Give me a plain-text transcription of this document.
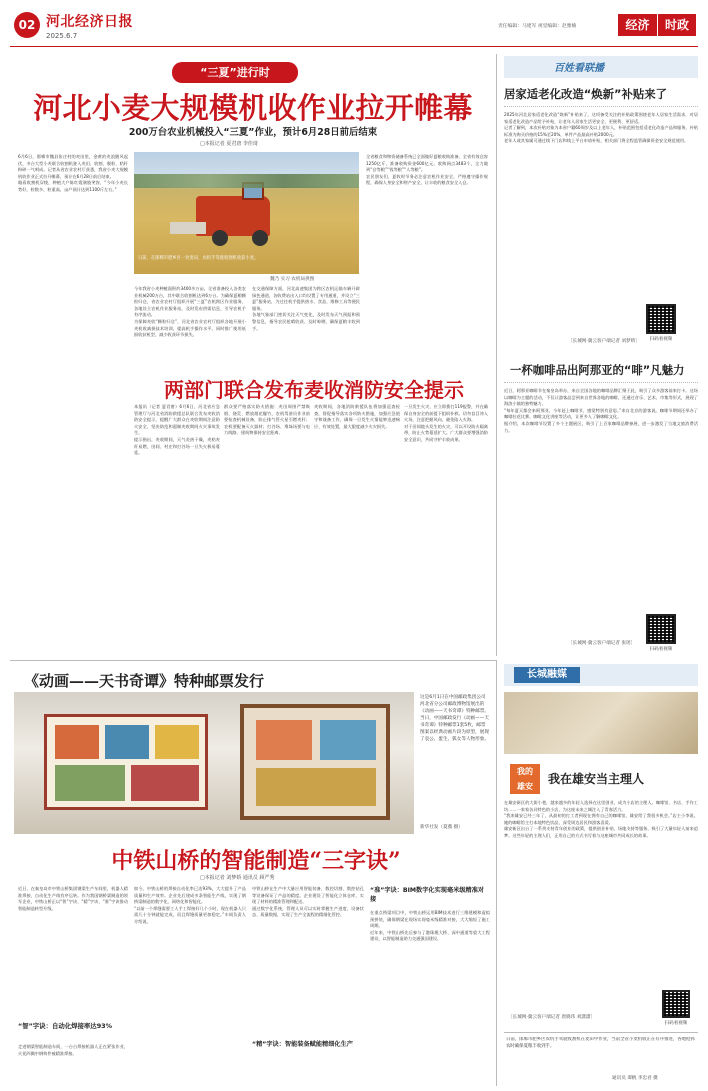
02 河北经济日报
2025.6.7
责任编辑：马建军 视觉编辑：赵雅楠	经济	时政
“三夏”进行时
河北小麦大规模机收作业拉开帷幕
200万台农业机械投入“三夏”作业，预计6月28日前后结束
□本报记者 夏君唐 李佳琦
6月6日，邯郸市魏县张庄村的麦田里，金黄的麦浪随风起伏，多台大型小麦联合收割机驶入麦田，收割、脱粒、秸秆粉碎一气呵成。记者从省农业农村厅获悉，我省小麦大规模机收作业正式拉开帷幕，预计在6月28日前后结束。
眼看收割机穿梭，种植大户陈红霞满脸笑容，“今年小麦长势好，粒数多、粒重高，亩产预计达到1100斤左右。”
日前，在邯郸市肥乡区一处麦田，农机手驾驶收割机收获小麦。
魏乃 实习 农机局供图
全省粮食和物资储备系统已全面做好夏粮收购准备，全省有效仓容1250亿斤，准备收购资金600亿元，收购网点3483个，全力做到“仓等粮”“钱等粮”“人等粮”。
农民朋友们，夏收时节务必注意农机作业安全，严格遵守操作规程，确保人身安全和财产安全，让丰收的粮食安全入仓。
今年我省小麦种植面积约3400多万亩，全省准备投入各类农业机械200万台，其中联合收割机达到6万台。为确保夏粮颗粒归仓，省农业农村厅组织开展“三夏”农机跨区作业服务，各地设立农机作业服务站，及时发布供需信息，引导农机手有序流动。
为保障麦收“颗粒归仓”，河北省农业农村厅组织各地开展小麦机收减损技术培训，提高机手操作水平。同时推广使用低损收获机型，减少收获环节损失。
在交通保障方面，河北高速集团为跨区农机运输车辆开辟绿色通道，各收费站出入口均设置了专用通道，并设立“三夏”服务站，为过往机手提供热水、食品、维修工具等便民服务。
各地气象部门密切关注天气变化，及时发布天气预报和预警信息，指导农民抢晴收获、及时晾晒，确保夏粮丰收到手。
两部门联合发布麦收消防安全提示
本报讯（记者 夏君唐）6月6日，河北省应急管理厅与河北省消防救援总队联合发布麦收消防安全提示，提醒广大群众在麦收期间注意防火安全，坚决防范和遏制麦收期间火灾事故发生。
提示指出，麦收期间，天气炎热干燥，麦秸麦秆易燃，田间、村庄和打谷场一旦失火极易蔓延。
群众要严格落实防火措施：麦田周围严禁吸烟、烧荒、燃放烟花爆竹，农机驾驶员作业前要检查机械设备，防止排气管火星引燃麦秆；农机要配备灭火器材；打谷场、堆垛场要与电力线路、建筑物保持安全距离。
麦收期间，各地消防救援队伍将加强巡查检查，督促指导落实各项防火措施，加强应急值守和战备工作，确保一旦发生火情能够迅速响应、有效处置，最大限度减少火灾损失。
一旦发生火灾，应立即拨打119报警，并在确保自身安全的前提下组织扑救。切勿盲目冲入火场，注意把握风向，避免陷入火海。
对于田间地头发生的火灾，可以开设防火隔离带，防止火势蔓延扩大。广大群众要增强消防安全意识，共同守护丰收成果。
百姓看联播
居家适老化改造“焕新”补贴来了
2025年河北居家适老化改造“焕新”补贴来了，这项备受关注的补贴政策围绕老年人居家生活需求，对居家适老化改造产品给予补贴，让老年人居家生活更安全、更便利、更舒适。
记者了解到，本次补贴对象为本省户籍60周岁及以上老年人，补贴范围包括适老化改造产品和服务，补贴标准为购买价格的15%至20%，单件产品最高补贴2000元。
老年人或其家属可通过线下门店和线上平台申请补贴，相关部门将全程监管确保资金安全规范使用。
［长城网·冀云客户端记者 刘梦娇］	扫码看视频
一杯咖啡品出阿那亚的“啡”凡魅力
近日，阿那亚咖啡节在秦皇岛举办，来自全国各地的咖啡品牌汇聚于此，吸引了众多游客前来打卡。这场以咖啡为主题的活动，不仅让游客品尝到来自世界各地的咖啡，还通过音乐、艺术、市集等形式，展现了海滨小镇的独特魅力。
“每年夏天都会来阿那亚，今年赶上咖啡节，感觉特别有意思。”来自北京的游客说。咖啡节期间还举办了咖啡拉花比赛、咖啡文化讲座等活动，让更多人了解咖啡文化。
据介绍，本次咖啡节设置了多个主题展区，吸引了上百家咖啡品牌参展，进一步激发了当地文旅消费活力。
［长城网·冀云客户端记者 张瑶］
扫码看视频
《动画——天书奇谭》特种邮票发行
这是6月1日在中国邮政集团公司河北省分公司邮政博物馆展出的《动画——天书奇谭》特种邮票。
当日，中国邮政发行《动画——天书奇谭》特种邮票1套5枚，邮票图案以经典动画片段为原型，展现了袁公、蛋生、狐女等人物形象。
新华社发（夏薇 摄）
中铁山桥的智能制造“三字诀”
□本报记者 刘梦娇 通讯员 顾严秀
近日，在秦皇岛市中铁山桥集团钢梁生产车间里，机器人精准焊接，自动化生产线有序运转。作为我国钢桥梁制造的领军企业，中铁山桥正以“智”字诀、“精”字诀、“准”字诀推动智能制造转型升级。
“智”字诀：自动化焊接率达93%
走进钢梁智能制造车间，一台台焊接机器人正在紧张作业，火花四溅中钢构件被精准焊接。
如今，中铁山桥的焊接自动化率已达93%，大大提升了产品质量和生产效率。企业先后建成多条智能生产线，实现了钢桥梁制造的数字化、网络化和智能化。
“以前一个焊缝需要工人手工焊接好几个小时，现在机器人只需几十分钟就能完成，而且焊缝质量更加稳定。”车间负责人介绍说。
中铁山桥在生产中大量应用智能装备，数控切割、数控钻孔等设备保证了产品的精度。企业建设了智能化立体仓库，实现了材料的精准管理和配送。
通过数字化系统，管理人员可以实时掌握生产进度、设备状态、质量数据，实现了生产全流程的精细化管控。
“精”字诀：智能装备赋能精细化生产
“准”字诀：BIM数字化实现毫米级精准对接
在重点桥梁项目中，中铁山桥运用BIM技术进行三维建模和虚拟预拼装，确保钢梁在现场实现毫米级精准对接，大大缩短了施工周期。
近年来，中铁山桥先后参与了港珠澳大桥、深中通道等重大工程建设，以智能制造助力交通强国建设。
长城融媒
我的
雄安
我在雄安当主理人
在雄安新区的大街小巷，越来越多的年轻人选择在这里创业，成为小店的主理人。咖啡馆、书店、手作工坊……一家家各具特色的小店，为这座未来之城注入了青春活力。
“我来雄安已经三年了，从最初的打工者到现在拥有自己的咖啡馆，雄安给了我很多机会。”店主小李说。她的咖啡馆主打本地特色饮品，深受周边居民和游客喜爱。
雄安新区出台了一系列支持青年创业的政策，提供创业补贴、场地支持等服务，吸引了大量年轻人前来追梦。这些年轻的主理人们，正用自己的方式书写着与这座城市共同成长的故事。
［长城网·冀云客户端记者 唐晓玮 刘潇潇］
扫码看视频
日前，邯郸市肥乡区农机手驾驶收割机在麦田中作业，当前全省小麦机收正在有序推进，各地抢抓农时确保夏粮丰收到手。
通讯员 谭帆 李忠君 摄
